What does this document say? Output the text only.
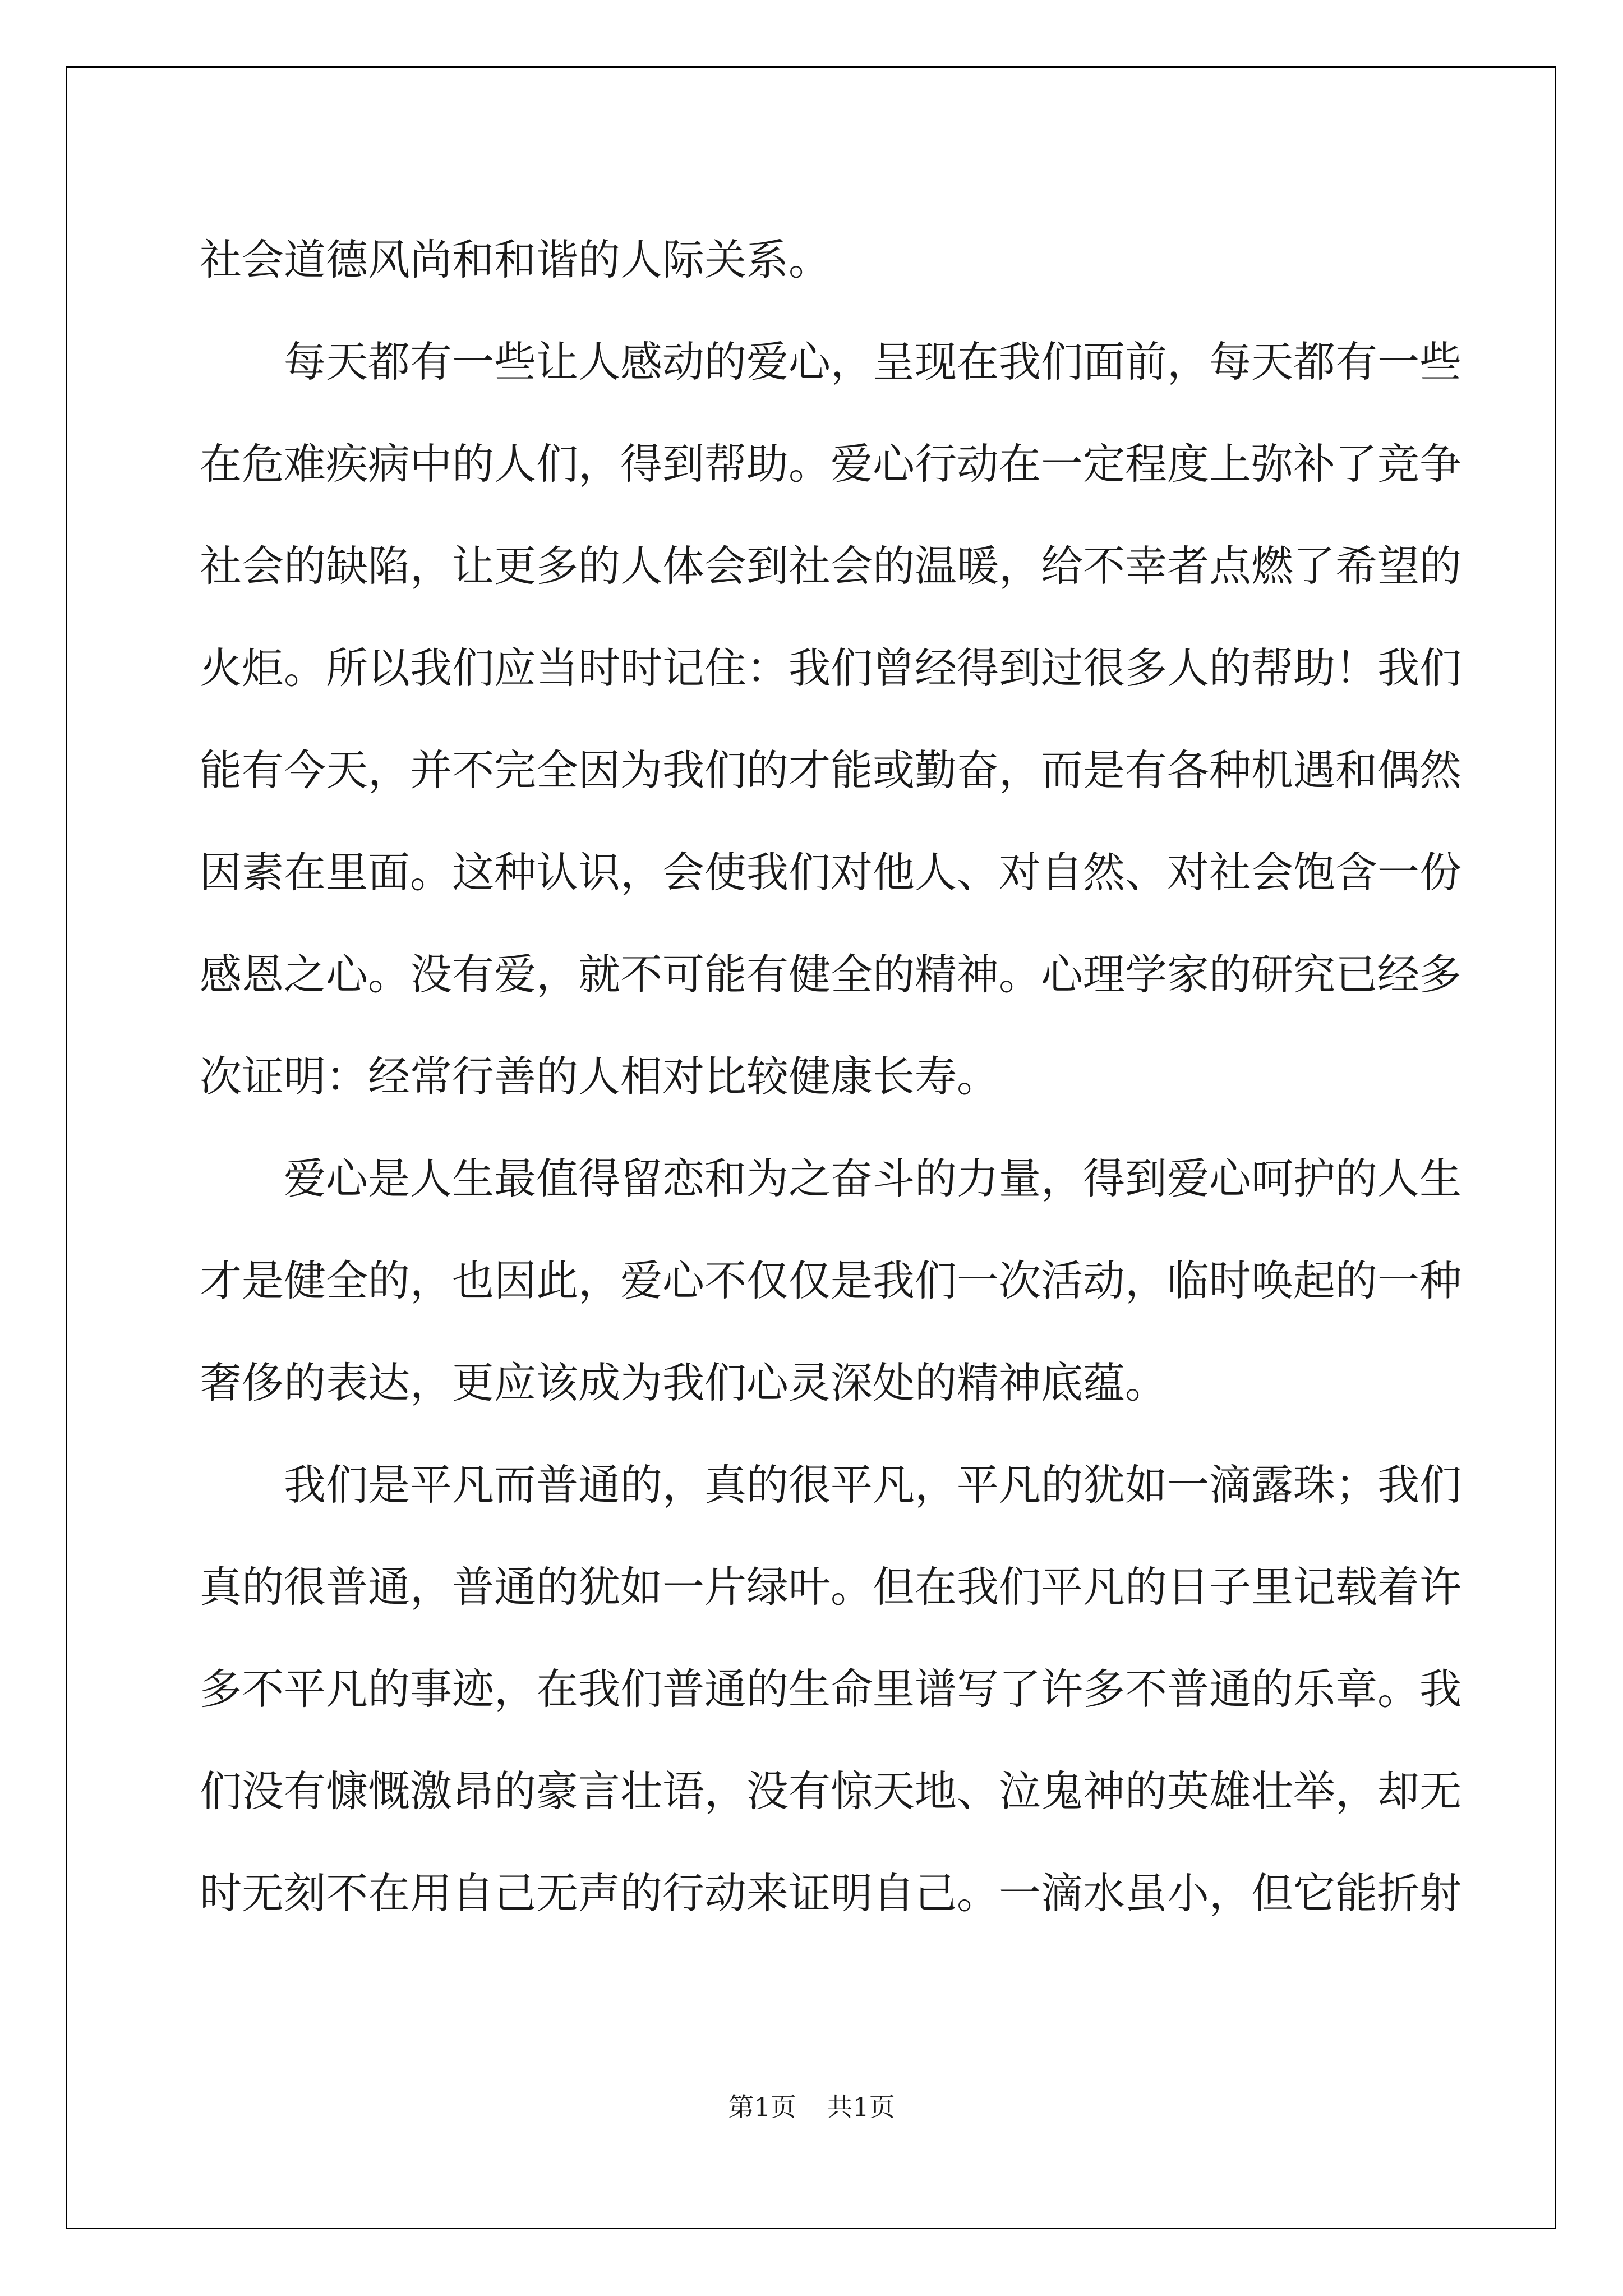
社会道德风尚和和谐的人际关系。
每天都有一些让人感动的爱心，呈现在我们面前，每天都有一些
在危难疾病中的人们，得到帮助。爱心行动在一定程度上弥补了竞争
社会的缺陷，让更多的人体会到社会的温暖，给不幸者点燃了希望的
火炬。所以我们应当时时记住：我们曾经得到过很多人的帮助！我们
能有今天，并不完全因为我们的才能或勤奋，而是有各种机遇和偶然
因素在里面。这种认识，会使我们对他人、对自然、对社会饱含一份
感恩之心。没有爱，就不可能有健全的精神。心理学家的研究已经多
次证明：经常行善的人相对比较健康长寿。
爱心是人生最值得留恋和为之奋斗的力量，得到爱心呵护的人生
才是健全的，也因此，爱心不仅仅是我们一次活动，临时唤起的一种
奢侈的表达，更应该成为我们心灵深处的精神底蕴。
我们是平凡而普通的，真的很平凡，平凡的犹如一滴露珠；我们
真的很普通，普通的犹如一片绿叶。但在我们平凡的日子里记载着许
多不平凡的事迹，在我们普通的生命里谱写了许多不普通的乐章。我
们没有慷慨激昂的豪言壮语，没有惊天地、泣鬼神的英雄壮举，却无
时无刻不在用自己无声的行动来证明自己。一滴水虽小，但它能折射
第1页 共1页
